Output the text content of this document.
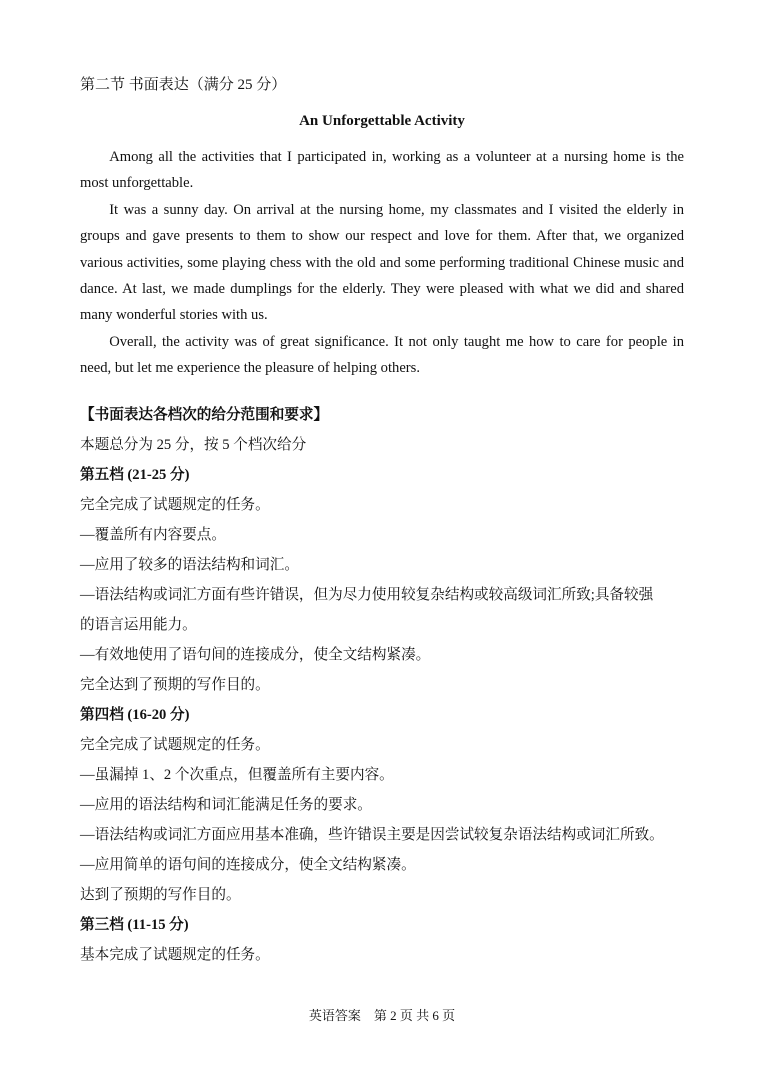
第二节 书面表达（满分 25 分）
An Unforgettable Activity

Among all the activities that I participated in, working as a volunteer at a nursing home is the most unforgettable.

It was a sunny day. On arrival at the nursing home, my classmates and I visited the elderly in groups and gave presents to them to show our respect and love for them. After that, we organized various activities, some playing chess with the old and some performing traditional Chinese music and dance. At last, we made dumplings for the elderly. They were pleased with what we did and shared many wonderful stories with us.

Overall, the activity was of great significance. It not only taught me how to care for people in need, but let me experience the pleasure of helping others.

【书面表达各档次的给分范围和要求】
本题总分为 25 分，按 5 个档次给分
第五档 (21-25 分)
完全完成了试题规定的任务。
—覆盖所有内容要点。
—应用了较多的语法结构和词汇。
—语法结构或词汇方面有些许错误，但为尽力使用较复杂结构或较高级词汇所致;具备较强
的语言运用能力。
—有效地使用了语句间的连接成分，使全文结构紧凑。
完全达到了预期的写作目的。
第四档 (16-20 分)
完全完成了试题规定的任务。
—虽漏掉 1、2 个次重点，但覆盖所有主要内容。
—应用的语法结构和词汇能满足任务的要求。
—语法结构或词汇方面应用基本准确，些许错误主要是因尝试较复杂语法结构或词汇所致。
—应用简单的语句间的连接成分，使全文结构紧凑。
达到了预期的写作目的。
第三档 (11-15 分)
基本完成了试题规定的任务。
英语答案　第 2 页 共 6 页
